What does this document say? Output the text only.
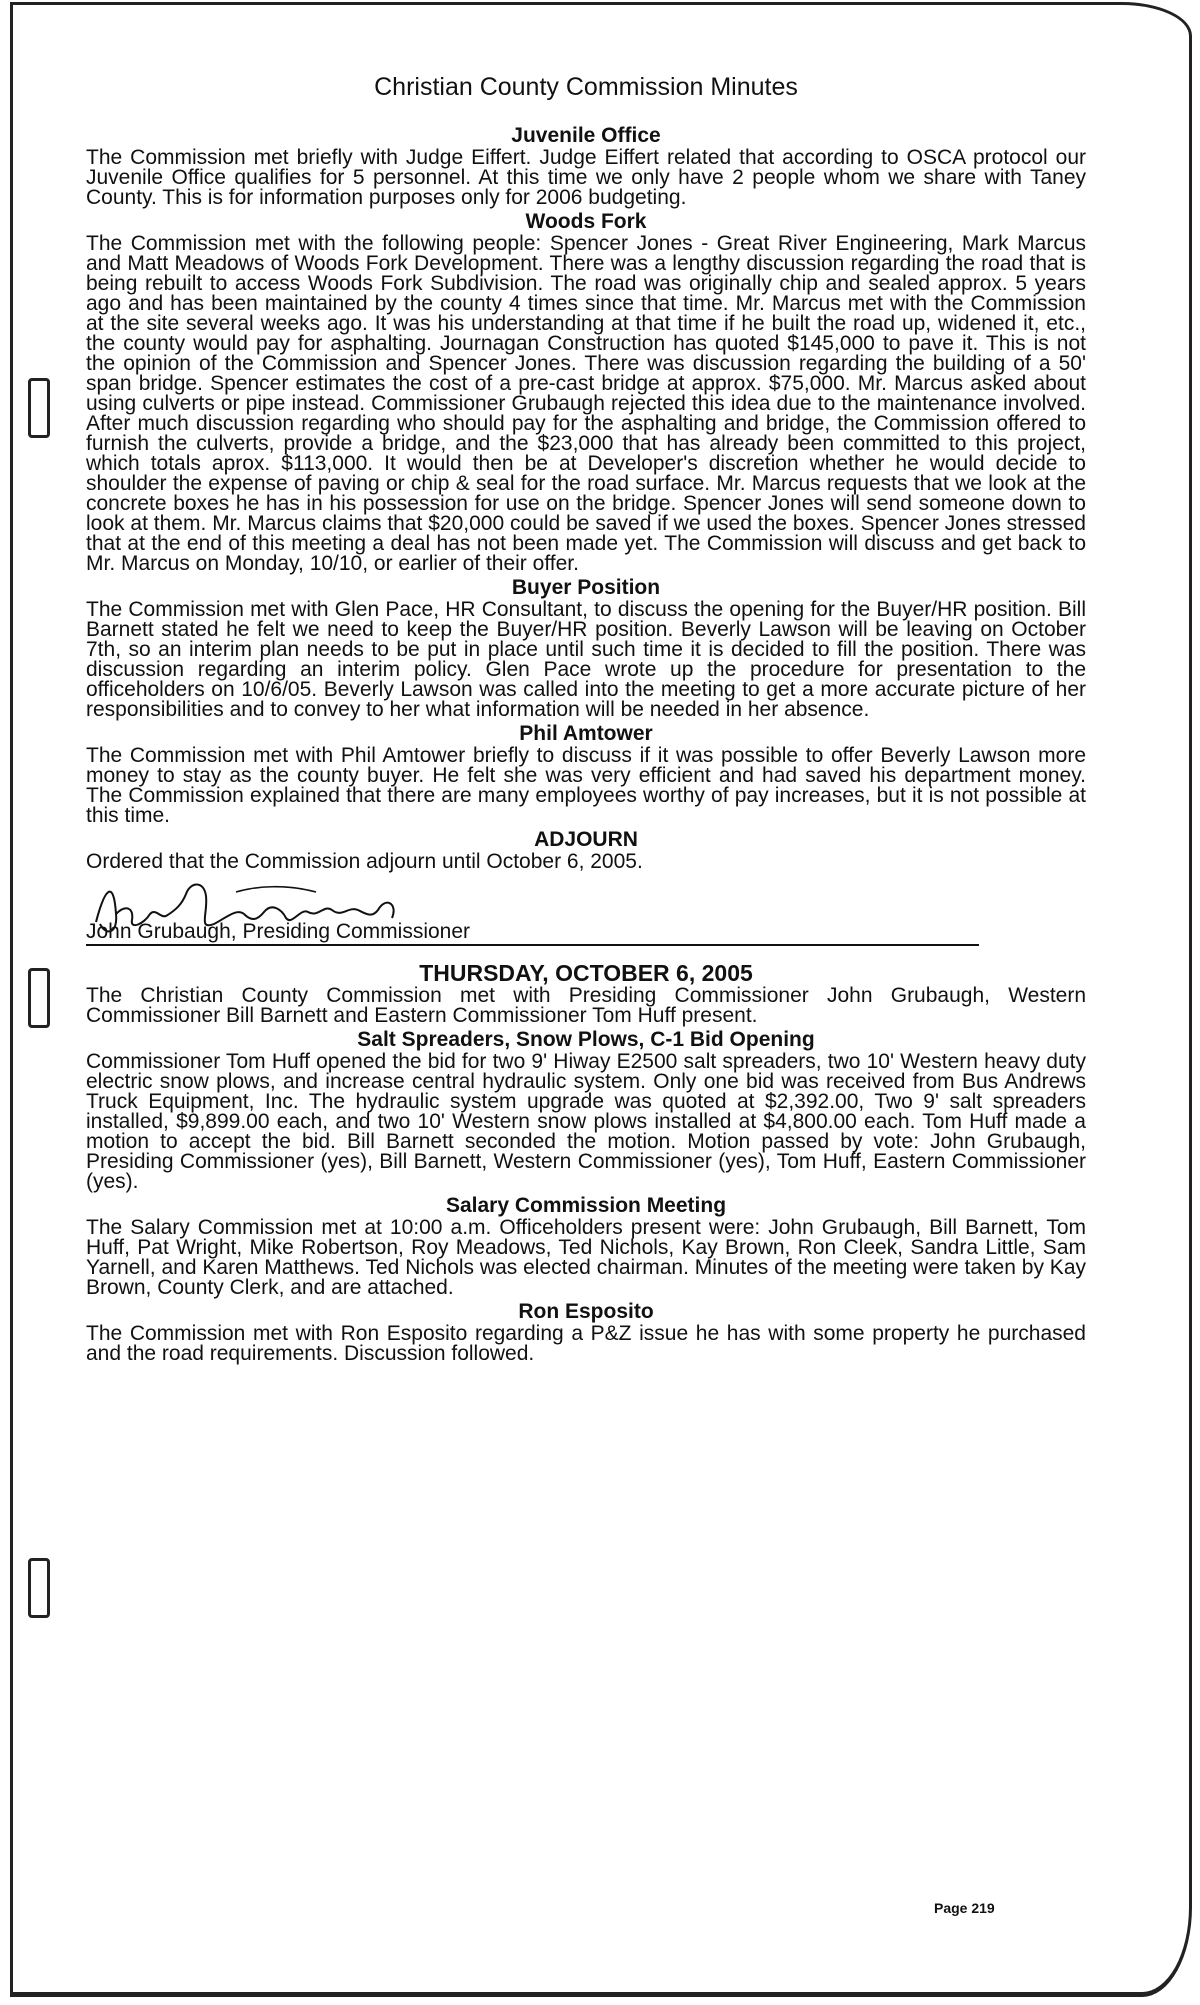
Christian County Commission Minutes
Juvenile Office

The Commission met briefly with Judge Eiffert. Judge Eiffert related that according to OSCA protocol our Juvenile Office qualifies for 5 personnel. At this time we only have 2 people whom we share with Taney County. This is for information purposes only for 2006 budgeting.

Woods Fork

The Commission met with the following people: Spencer Jones - Great River Engineering, Mark Marcus and Matt Meadows of Woods Fork Development. There was a lengthy discussion regarding the road that is being rebuilt to access Woods Fork Subdivision. The road was originally chip and sealed approx. 5 years ago and has been maintained by the county 4 times since that time. Mr. Marcus met with the Commission at the site several weeks ago. It was his understanding at that time if he built the road up, widened it, etc., the county would pay for asphalting. Journagan Construction has quoted $145,000 to pave it. This is not the opinion of the Commission and Spencer Jones. There was discussion regarding the building of a 50' span bridge. Spencer estimates the cost of a pre-cast bridge at approx. $75,000. Mr. Marcus asked about using culverts or pipe instead. Commissioner Grubaugh rejected this idea due to the maintenance involved. After much discussion regarding who should pay for the asphalting and bridge, the Commission offered to furnish the culverts, provide a bridge, and the $23,000 that has already been committed to this project, which totals aprox. $113,000. It would then be at Developer's discretion whether he would decide to shoulder the expense of paving or chip & seal for the road surface. Mr. Marcus requests that we look at the concrete boxes he has in his possession for use on the bridge. Spencer Jones will send someone down to look at them. Mr. Marcus claims that $20,000 could be saved if we used the boxes. Spencer Jones stressed that at the end of this meeting a deal has not been made yet. The Commission will discuss and get back to Mr. Marcus on Monday, 10/10, or earlier of their offer.

Buyer Position

The Commission met with Glen Pace, HR Consultant, to discuss the opening for the Buyer/HR position. Bill Barnett stated he felt we need to keep the Buyer/HR position. Beverly Lawson will be leaving on October 7th, so an interim plan needs to be put in place until such time it is decided to fill the position. There was discussion regarding an interim policy. Glen Pace wrote up the procedure for presentation to the officeholders on 10/6/05. Beverly Lawson was called into the meeting to get a more accurate picture of her responsibilities and to convey to her what information will be needed in her absence.

Phil Amtower

The Commission met with Phil Amtower briefly to discuss if it was possible to offer Beverly Lawson more money to stay as the county buyer. He felt she was very efficient and had saved his department money. The Commission explained that there are many employees worthy of pay increases, but it is not possible at this time.

ADJOURN

Ordered that the Commission adjourn until October 6, 2005.

John Grubaugh, Presiding Commissioner
THURSDAY, OCTOBER 6, 2005

The Christian County Commission met with Presiding Commissioner John Grubaugh, Western Commissioner Bill Barnett and Eastern Commissioner Tom Huff present.

Salt Spreaders, Snow Plows, C-1 Bid Opening

Commissioner Tom Huff opened the bid for two 9' Hiway E2500 salt spreaders, two 10' Western heavy duty electric snow plows, and increase central hydraulic system. Only one bid was received from Bus Andrews Truck Equipment, Inc. The hydraulic system upgrade was quoted at $2,392.00, Two 9' salt spreaders installed, $9,899.00 each, and two 10' Western snow plows installed at $4,800.00 each. Tom Huff made a motion to accept the bid. Bill Barnett seconded the motion. Motion passed by vote: John Grubaugh, Presiding Commissioner (yes), Bill Barnett, Western Commissioner (yes), Tom Huff, Eastern Commissioner (yes).

Salary Commission Meeting

The Salary Commission met at 10:00 a.m. Officeholders present were: John Grubaugh, Bill Barnett, Tom Huff, Pat Wright, Mike Robertson, Roy Meadows, Ted Nichols, Kay Brown, Ron Cleek, Sandra Little, Sam Yarnell, and Karen Matthews. Ted Nichols was elected chairman. Minutes of the meeting were taken by Kay Brown, County Clerk, and are attached.

Ron Esposito

The Commission met with Ron Esposito regarding a P&Z issue he has with some property he purchased and the road requirements. Discussion followed.

Page 219
